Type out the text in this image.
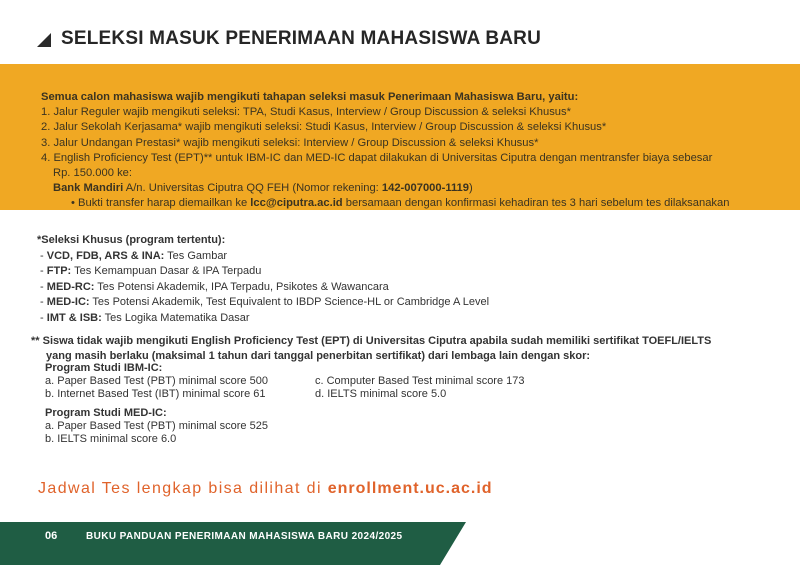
SELEKSI MASUK PENERIMAAN MAHASISWA BARU
Semua calon mahasiswa wajib mengikuti tahapan seleksi masuk Penerimaan Mahasiswa Baru, yaitu:
1. Jalur Reguler wajib mengikuti seleksi: TPA, Studi Kasus, Interview / Group Discussion & seleksi Khusus*
2. Jalur Sekolah Kerjasama* wajib mengikuti seleksi: Studi Kasus, Interview / Group Discussion & seleksi Khusus*
3. Jalur Undangan Prestasi* wajib mengikuti seleksi: Interview / Group Discussion & seleksi Khusus*
4. English Proficiency Test (EPT)** untuk IBM-IC dan MED-IC dapat dilakukan di Universitas Ciputra dengan mentransfer biaya sebesar
Rp. 150.000 ke:
Bank Mandiri A/n. Universitas Ciputra QQ FEH (Nomor rekening: 142-007000-1119)
• Bukti transfer harap diemailkan ke lcc@ciputra.ac.id bersamaan dengan konfirmasi kehadiran tes 3 hari sebelum tes dilaksanakan
*Seleksi Khusus (program tertentu):
- VCD, FDB, ARS & INA: Tes Gambar
- FTP: Tes Kemampuan Dasar & IPA Terpadu
- MED-RC: Tes Potensi Akademik, IPA Terpadu, Psikotes & Wawancara
- MED-IC: Tes Potensi Akademik, Test Equivalent to IBDP Science-HL or Cambridge A Level
- IMT & ISB: Tes Logika Matematika Dasar
** Siswa tidak wajib mengikuti English Proficiency Test (EPT) di Universitas Ciputra apabila sudah memiliki sertifikat TOEFL/IELTS
yang masih berlaku (maksimal 1 tahun dari tanggal penerbitan sertifikat) dari lembaga lain dengan skor:
Program Studi IBM-IC:
a. Paper Based Test (PBT) minimal score 500
b. Internet Based Test (IBT) minimal score 61
c. Computer Based Test minimal score 173
d. IELTS minimal score 5.0
Program Studi MED-IC:
a. Paper Based Test (PBT) minimal score 525
b. IELTS minimal score 6.0
Jadwal Tes lengkap bisa dilihat di enrollment.uc.ac.id
06	BUKU PANDUAN PENERIMAAN MAHASISWA BARU 2024/2025
